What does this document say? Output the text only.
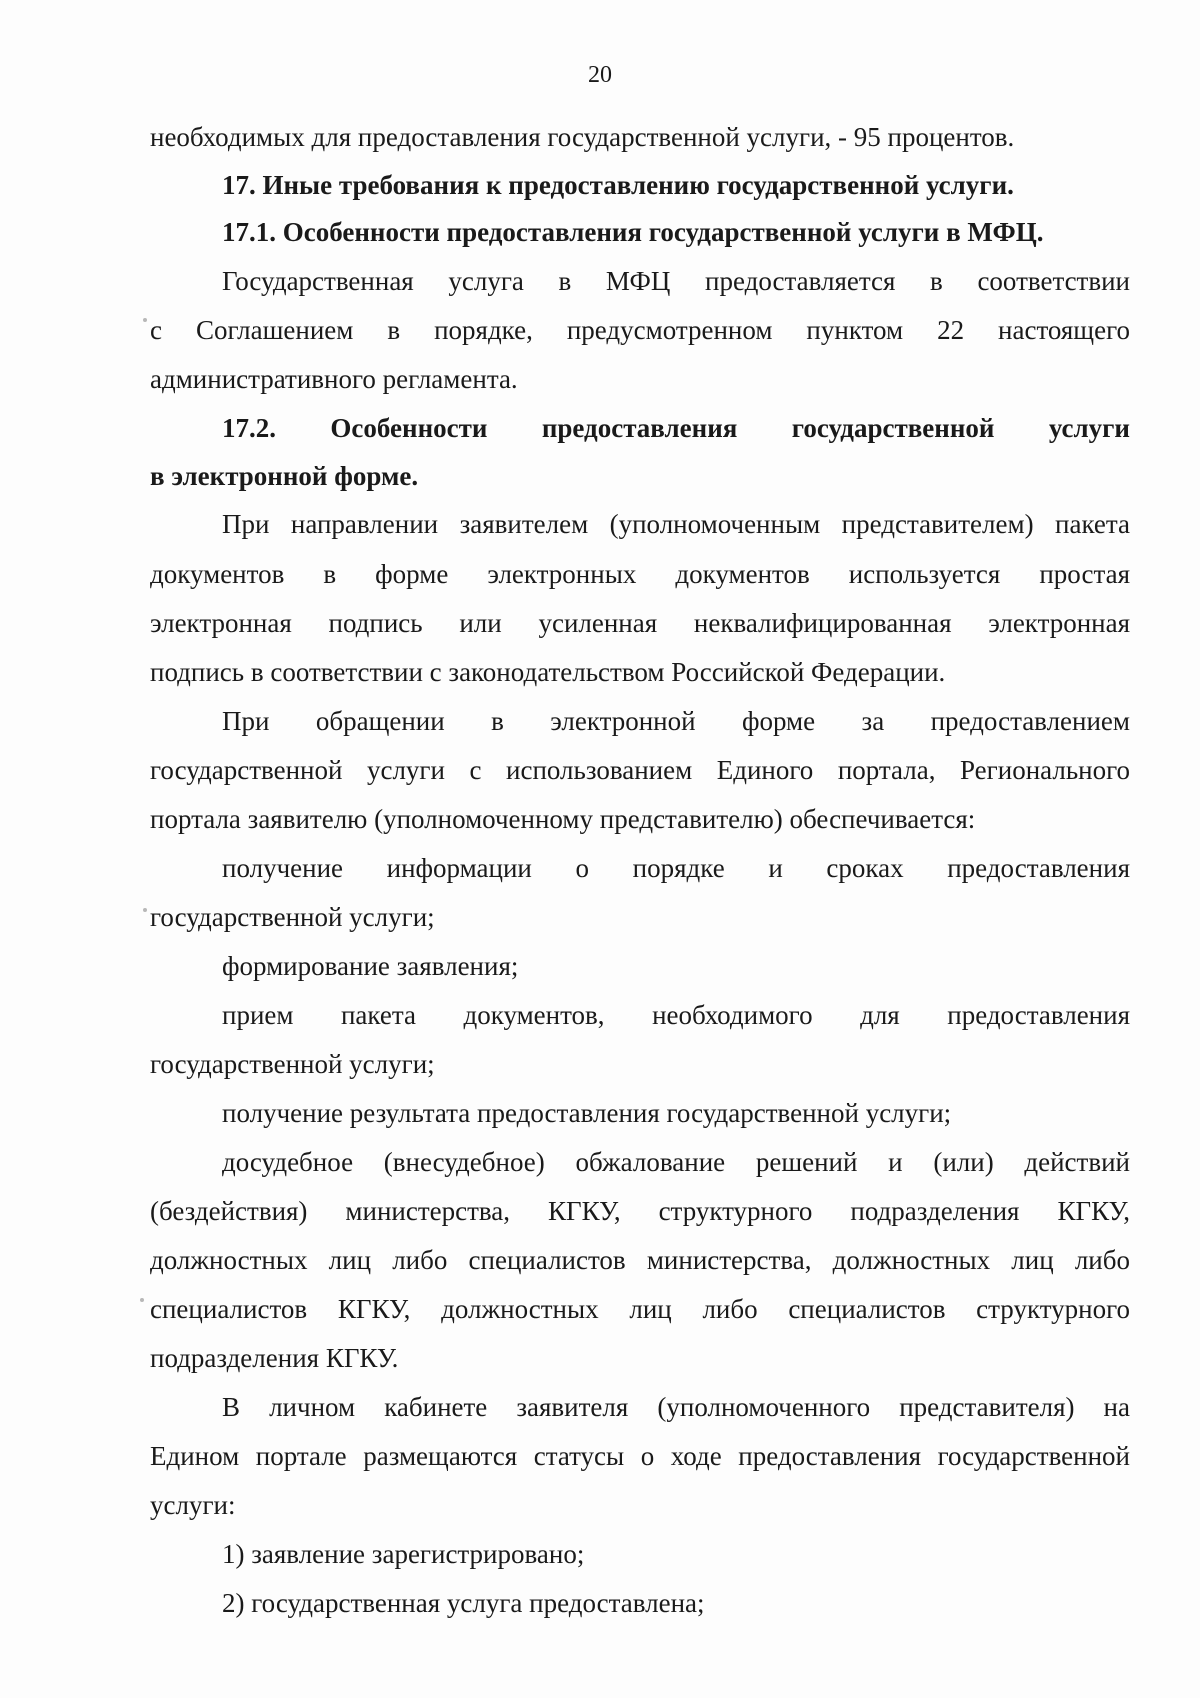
20
необходимых для предоставления государственной услуги, - 95 процентов.
17. Иные требования к предоставлению государственной услуги.
17.1. Особенности предоставления государственной услуги в МФЦ.
Государственная услуга в МФЦ предоставляется в соответствии
с Соглашением в порядке, предусмотренном пунктом 22 настоящего
административного регламента.
17.2. Особенности предоставления государственной услуги
в электронной форме.
При направлении заявителем (уполномоченным представителем) пакета
документов в форме электронных документов используется простая
электронная подпись или усиленная неквалифицированная электронная
подпись в соответствии с законодательством Российской Федерации.
При обращении в электронной форме за предоставлением
государственной услуги с использованием Единого портала, Регионального
портала заявителю (уполномоченному представителю) обеспечивается:
получение информации о порядке и сроках предоставления
государственной услуги;
формирование заявления;
прием пакета документов, необходимого для предоставления
государственной услуги;
получение результата предоставления государственной услуги;
досудебное (внесудебное) обжалование решений и (или) действий
(бездействия) министерства, КГКУ, структурного подразделения КГКУ,
должностных лиц либо специалистов министерства, должностных лиц либо
специалистов КГКУ, должностных лиц либо специалистов структурного
подразделения КГКУ.
В личном кабинете заявителя (уполномоченного представителя) на
Едином портале размещаются статусы о ходе предоставления государственной
услуги:
1) заявление зарегистрировано;
2) государственная услуга предоставлена;
